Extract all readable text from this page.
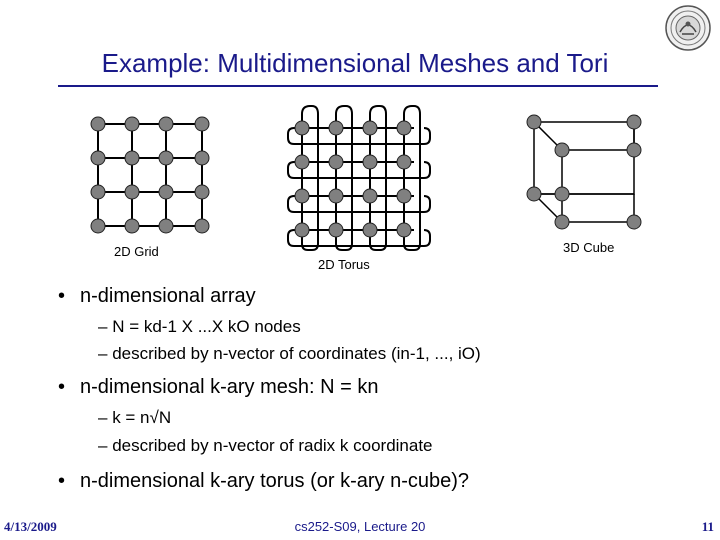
Example: Multidimensional Meshes and Tori
2D Grid
2D Torus
3D Cube
• n-dimensional array
– N = kd-1 X ...X kO nodes
– described by n-vector of coordinates (in-1, ..., iO)
• n-dimensional k-ary mesh: N = kn
– k = n√N
– described by n-vector of radix k coordinate
• n-dimensional k-ary torus (or k-ary n-cube)?
4/13/2009	cs252-S09, Lecture 20	11
